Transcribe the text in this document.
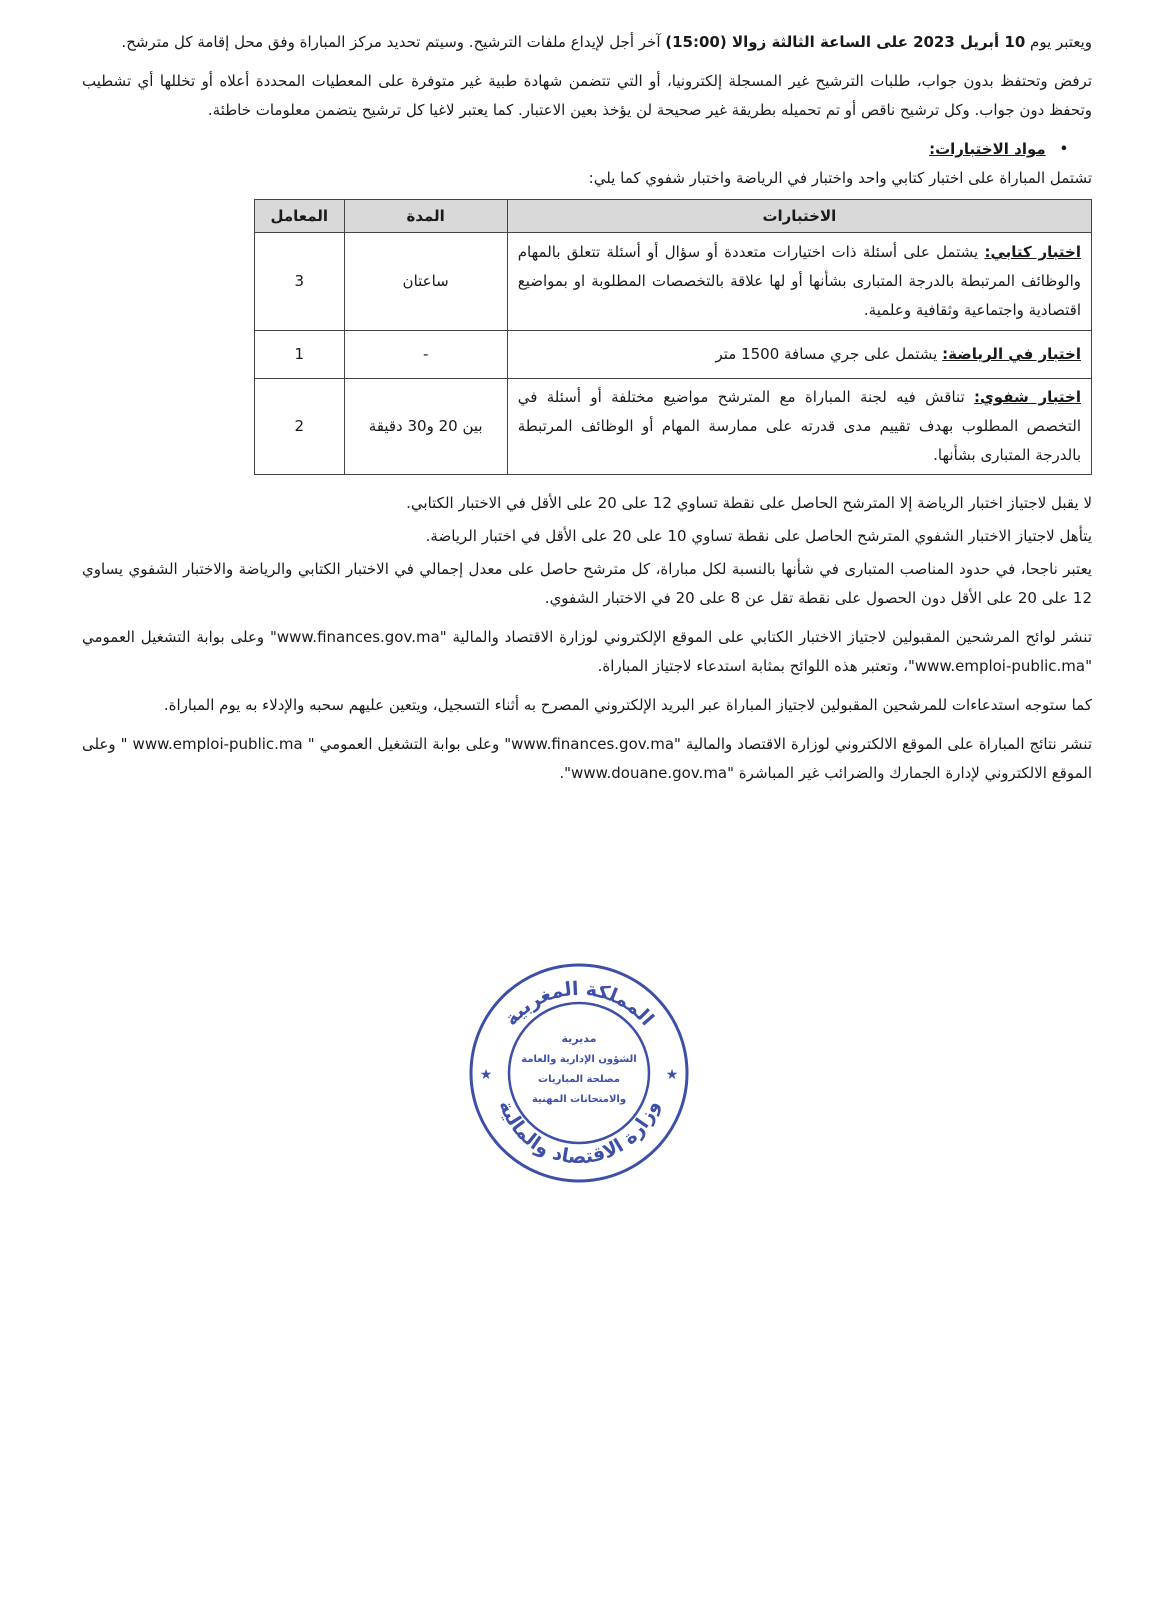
ويعتبر يوم 10 أبريل 2023 على الساعة الثالثة زوالا (15:00) آخر أجل لإيداع ملفات الترشيح. وسيتم تحديد مركز المباراة وفق محل إقامة كل مترشح.

ترفض وتحتفظ بدون جواب، طلبات الترشيح غير المسجلة إلكترونيا، أو التي تتضمن شهادة طبية غير متوفرة على المعطيات المحددة أعلاه أو تخللها أي تشطيب وتحفظ دون جواب. وكل ترشيح ناقص أو تم تحميله بطريقة غير صحيحة لن يؤخذ بعين الاعتبار. كما يعتبر لاغيا كل ترشيح يتضمن معلومات خاطئة.

•
مواد الاختبارات:

تشتمل المباراة على اختبار كتابي واحد واختبار في الرياضة واختبار شفوي كما يلي:

الاختبارات	المدة	المعامل
اختبار كتابي: يشتمل على أسئلة ذات اختيارات متعددة أو سؤال أو أسئلة تتعلق بالمهام والوظائف المرتبطة بالدرجة المتبارى بشأنها أو لها علاقة بالتخصصات المطلوبة او بمواضيع اقتصادية واجتماعية وثقافية وعلمية.	ساعتان	3
اختبار في الرياضة: يشتمل على جري مسافة 1500 متر	-	1
اختبار شفوي: تناقش فيه لجنة المباراة مع المترشح مواضيع مختلفة أو أسئلة في التخصص المطلوب بهدف تقييم مدى قدرته على ممارسة المهام أو الوظائف المرتبطة بالدرجة المتبارى بشأنها.	بين 20 و30 دقيقة	2

لا يقبل لاجتياز اختبار الرياضة إلا المترشح الحاصل على نقطة تساوي 12 على 20 على الأقل في الاختبار الكتابي.

يتأهل لاجتياز الاختبار الشفوي المترشح الحاصل على نقطة تساوي 10 على 20 على الأقل في اختبار الرياضة.

يعتبر ناجحا، في حدود المناصب المتبارى في شأنها بالنسبة لكل مباراة، كل مترشح حاصل على معدل إجمالي في الاختبار الكتابي والرياضة والاختبار الشفوي يساوي 12 على 20 على الأقل دون الحصول على نقطة تقل عن 8 على 20 في الاختبار الشفوي.

تنشر لوائح المرشحين المقبولين لاجتياز الاختبار الكتابي على الموقع الإلكتروني لوزارة الاقتصاد والمالية "www.finances.gov.ma" وعلى بوابة التشغيل العمومي "www.emploi-public.ma"، وتعتبر هذه اللوائح بمثابة استدعاء لاجتياز المباراة.

كما ستوجه استدعاءات للمرشحين المقبولين لاجتياز المباراة عبر البريد الإلكتروني المصرح به أثناء التسجيل، ويتعين عليهم سحبه والإدلاء به يوم المباراة.

تنشر نتائج المباراة على الموقع الالكتروني لوزارة الاقتصاد والمالية "www.finances.gov.ma" وعلى بوابة التشغيل العمومي " www.emploi-public.ma " وعلى الموقع الالكتروني لإدارة الجمارك والضرائب غير المباشرة "www.douane.gov.ma".

المملكة المغربية
وزارة الاقتصاد والمالية
★	★
مديرية
الشؤون الإدارية والعامة
مصلحة المباريات
والامتحانات المهنية
